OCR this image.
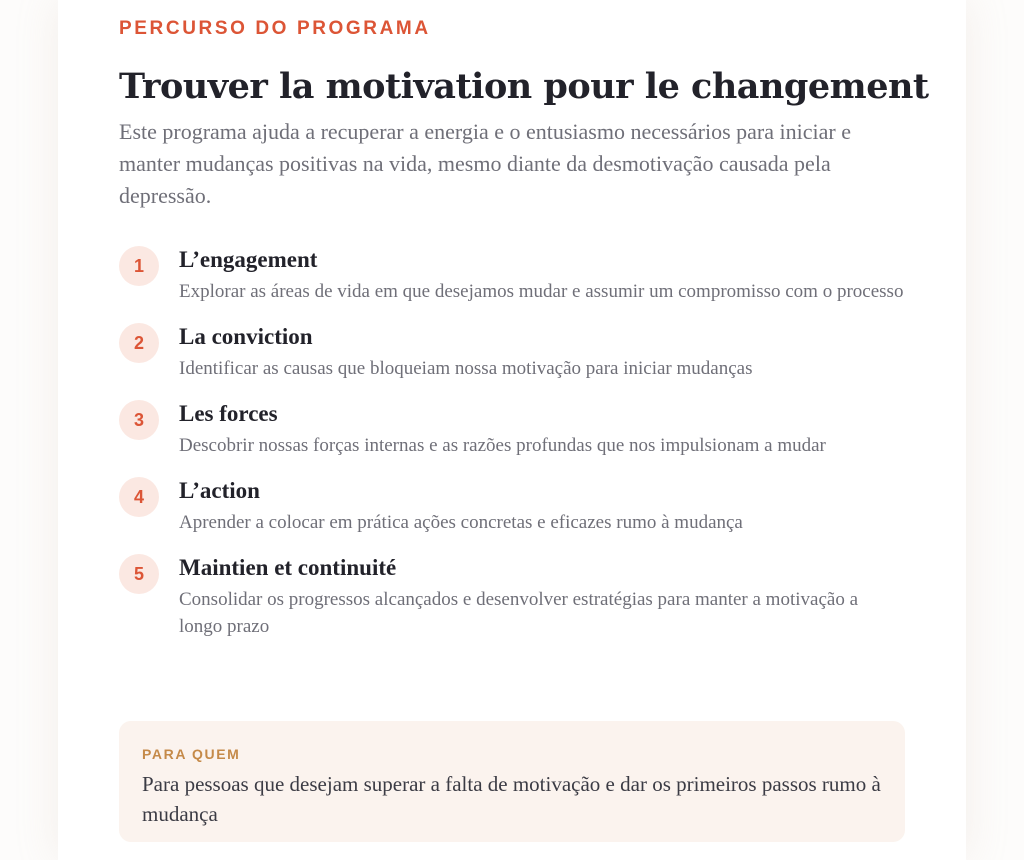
PERCURSO DO PROGRAMA
Trouver la motivation pour le changement

Este programa ajuda a recuperar a energia e o entusiasmo necessários para iniciar e manter mudanças positivas na vida, mesmo diante da desmotivação causada pela depressão.

1	L’engagement
Explorar as áreas de vida em que desejamos mudar e assumir um compromisso com o processo
2	La conviction
Identificar as causas que bloqueiam nossa motivação para iniciar mudanças
3	Les forces
Descobrir nossas forças internas e as razões profundas que nos impulsionam a mudar
4	L’action
Aprender a colocar em prática ações concretas e eficazes rumo à mudança
5	Maintien et continuité
Consolidar os progressos alcançados e desenvolver estratégias para manter a motivação a longo prazo
PARA QUEM
Para pessoas que desejam superar a falta de motivação e dar os primeiros passos rumo à mudança
